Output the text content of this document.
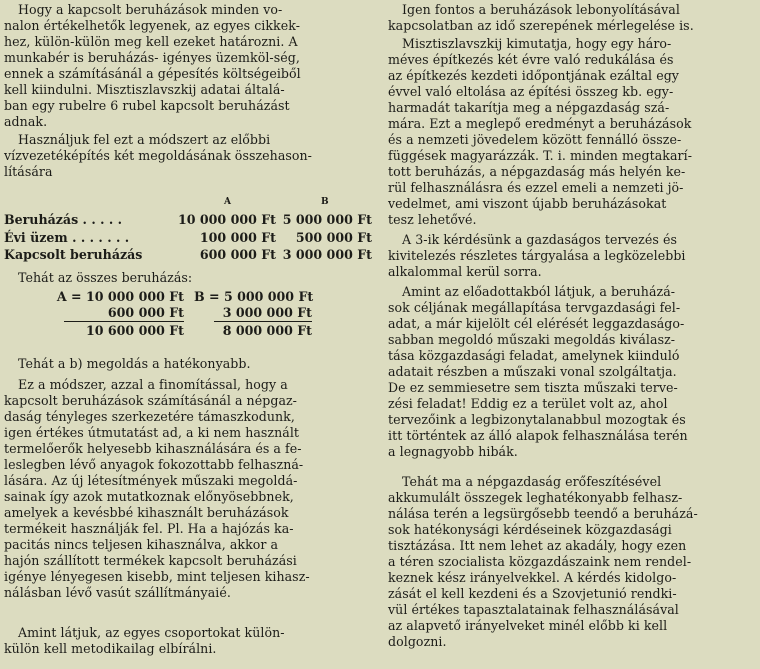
Hogy a kapcsolt beruházások minden vo-
nalon értékelhetők legyenek, az egyes cikkek-
hez, külön-külön meg kell ezeket határozni. A
munkabér is beruházás- igényes üzemköl-ség,
ennek a számításánál a gépesítés költségeiből
kell kiindulni. Misztiszlavszkij adatai általá-
ban egy rubelre 6 rubel kapcsolt beruházást
adnak.
Használjuk fel ezt a módszert az előbbi
vízvezetéképítés két megoldásának összehason-
lítására
A	B
Beruházás . . . . .	10 000 000 Ft 5 000 000 Ft
Évi üzem . . . . . . .	100 000 Ft	500 000 Ft
Kapcsolt beruházás	600 000 Ft 3 000 000 Ft
Tehát az összes beruházás:
A = 10 000 000 Ft B = 5 000 000 Ft
600 000 Ft	3 000 000 Ft
10 600 000 Ft	8 000 000 Ft
Tehát a b) megoldás a hatékonyabb.
Ez a módszer, azzal a finomítással, hogy a
kapcsolt beruházások számításánál a népgaz-
daság tényleges szerkezetére támaszkodunk,
igen értékes útmutatást ad, a ki nem használt
termelőerők helyesebb kihasználására és a fe-
leslegben lévő anyagok fokozottabb felhaszná-
lására. Az új létesítmények műszaki megoldá-
sainak így azok mutatkoznak előnyösebbnek,
amelyek a kevésbbé kihasznált beruházások
termékeit használják fel. Pl. Ha a hajózás ka-
pacitás nincs teljesen kihasználva, akkor a
hajón szállított termékek kapcsolt beruházási
igénye lényegesen kisebb, mint teljesen kihasz-
nálásban lévő vasút szállítmányaié.
Amint látjuk, az egyes csoportokat külön-
külön kell metodikailag elbírálni.
Igen fontos a beruházások lebonyolításával
kapcsolatban az idő szerepének mérlegelése is.
Misztiszlavszkij kimutatja, hogy egy háro-
méves építkezés két évre való redukálása és
az építkezés kezdeti időpontjának ezáltal egy
évvel való eltolása az építési összeg kb. egy-
harmadát takarítja meg a népgazdaság szá-
mára. Ezt a meglepő eredményt a beruházások
és a nemzeti jövedelem között fennálló össze-
függések magyarázzák. T. i. minden megtakarí-
tott beruházás, a népgazdaság más helyén ke-
rül felhasználásra és ezzel emeli a nemzeti jö-
vedelmet, ami viszont újabb beruházásokat
tesz lehetővé.
A 3-ik kérdésünk a gazdaságos tervezés és
kivitelezés részletes tárgyalása a legközelebbi
alkalommal kerül sorra.
Amint az előadottakból látjuk, a beruházá-
sok céljának megállapítása tervgazdasági fel-
adat, a már kijelölt cél elérését leggazdaságo-
sabban megoldó műszaki megoldás kiválasz-
tása közgazdasági feladat, amelynek kiinduló
adatait részben a műszaki vonal szolgáltatja.
De ez semmiesetre sem tiszta műszaki terve-
zési feladat! Eddig ez a terület volt az, ahol
tervezőink a legbizonytalanabbul mozogtak és
itt történtek az álló alapok felhasználása terén
a legnagyobb hibák.
Tehát ma a népgazdaság erőfeszítésével
akkumulált összegek leghatékonyabb felhasz-
nálása terén a legsürgősebb teendő a beruházá-
sok hatékonysági kérdéseinek közgazdasági
tisztázása. Itt nem lehet az akadály, hogy ezen
a téren szocialista közgazdászaink nem rendel-
keznek kész irányelvekkel. A kérdés kidolgo-
zását el kell kezdeni és a Szovjetunió rendki-
vül értékes tapasztalatainak felhasználásával
az alapvető irányelveket minél előbb ki kell
dolgozni.
